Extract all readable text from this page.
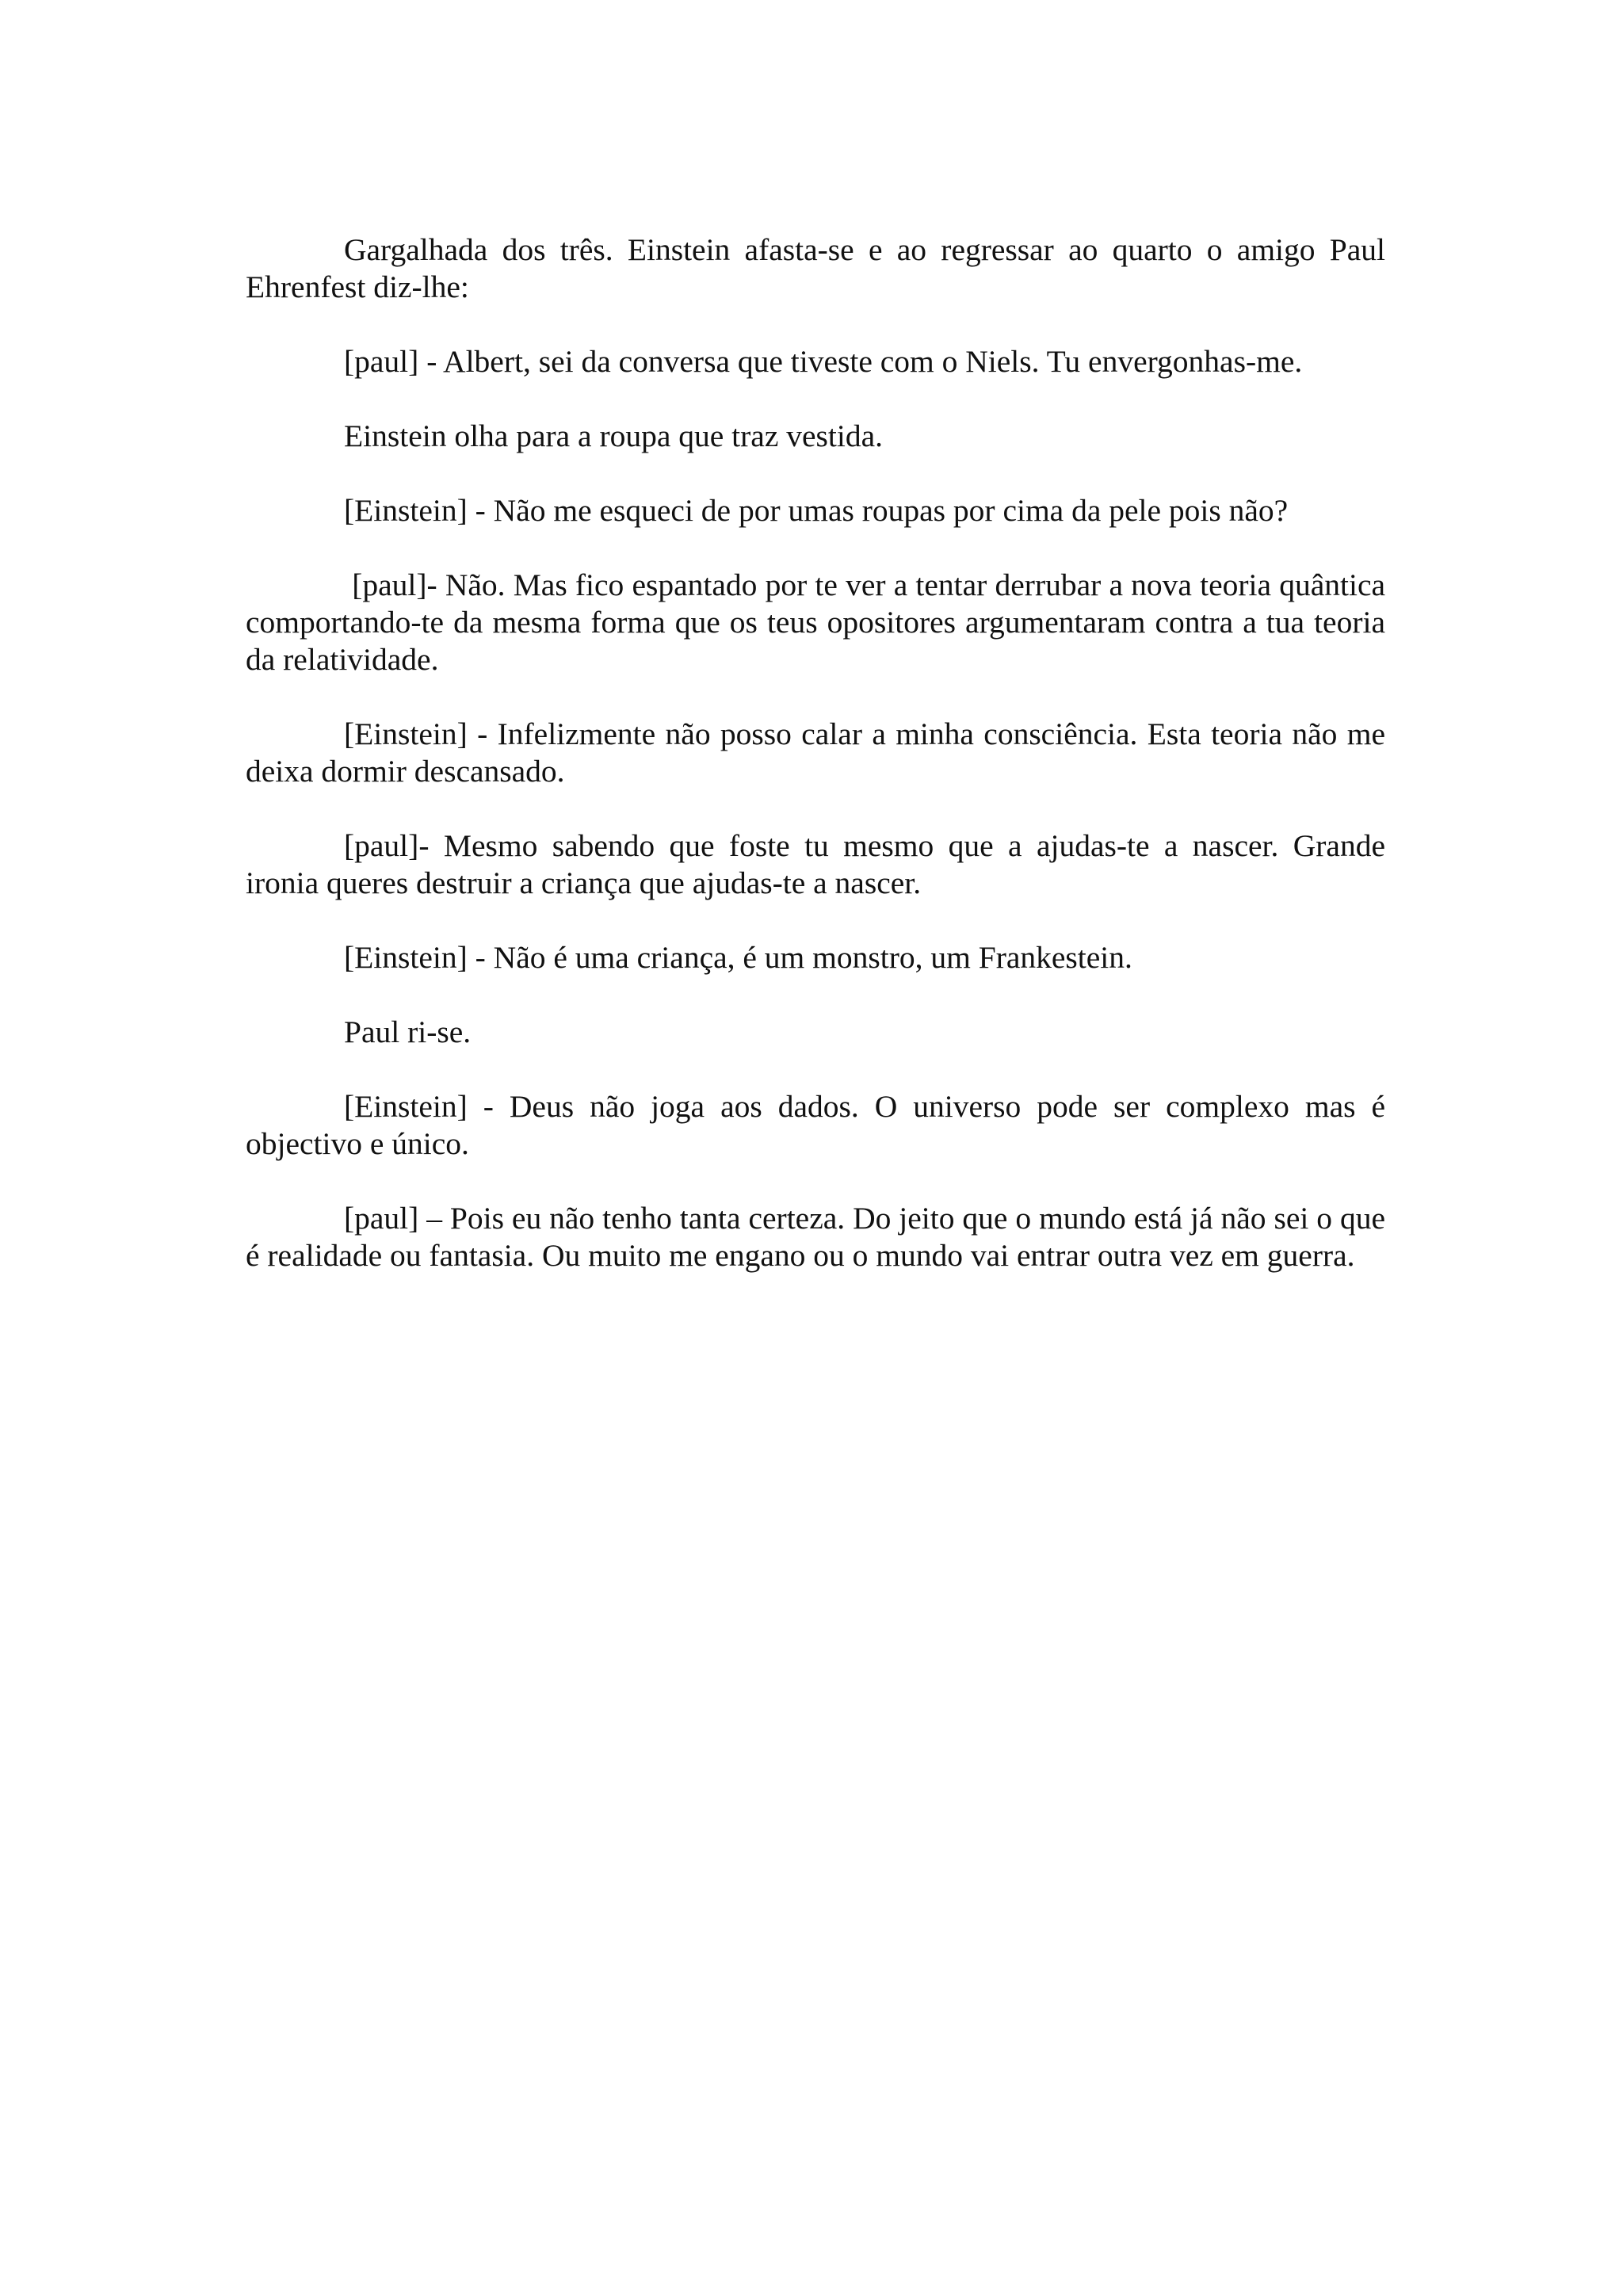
Gargalhada dos três. Einstein afasta-se e ao regressar ao quarto o amigo Paul Ehrenfest diz-lhe:

[paul] - Albert, sei da conversa que tiveste com o Niels. Tu envergonhas-me.

Einstein olha para a roupa que traz vestida.

[Einstein] - Não me esqueci de por umas roupas por cima da pele pois não?

[paul]- Não. Mas fico espantado por te ver a tentar derrubar a nova teoria quântica comportando-te da mesma forma que os teus opositores argumentaram contra a tua teoria da relatividade.

[Einstein] - Infelizmente não posso calar a minha consciência. Esta teoria não me deixa dormir descansado.

[paul]- Mesmo sabendo que foste tu mesmo que a ajudas-te a nascer. Grande ironia queres destruir a criança que ajudas-te a nascer.

[Einstein] - Não é uma criança, é um monstro, um Frankestein.

Paul ri-se.

[Einstein] - Deus não joga aos dados. O universo pode ser complexo mas é objectivo e único.

[paul] – Pois eu não tenho tanta certeza. Do jeito que o mundo está já não sei o que é realidade ou fantasia. Ou muito me engano ou o mundo vai entrar outra vez em guerra.
